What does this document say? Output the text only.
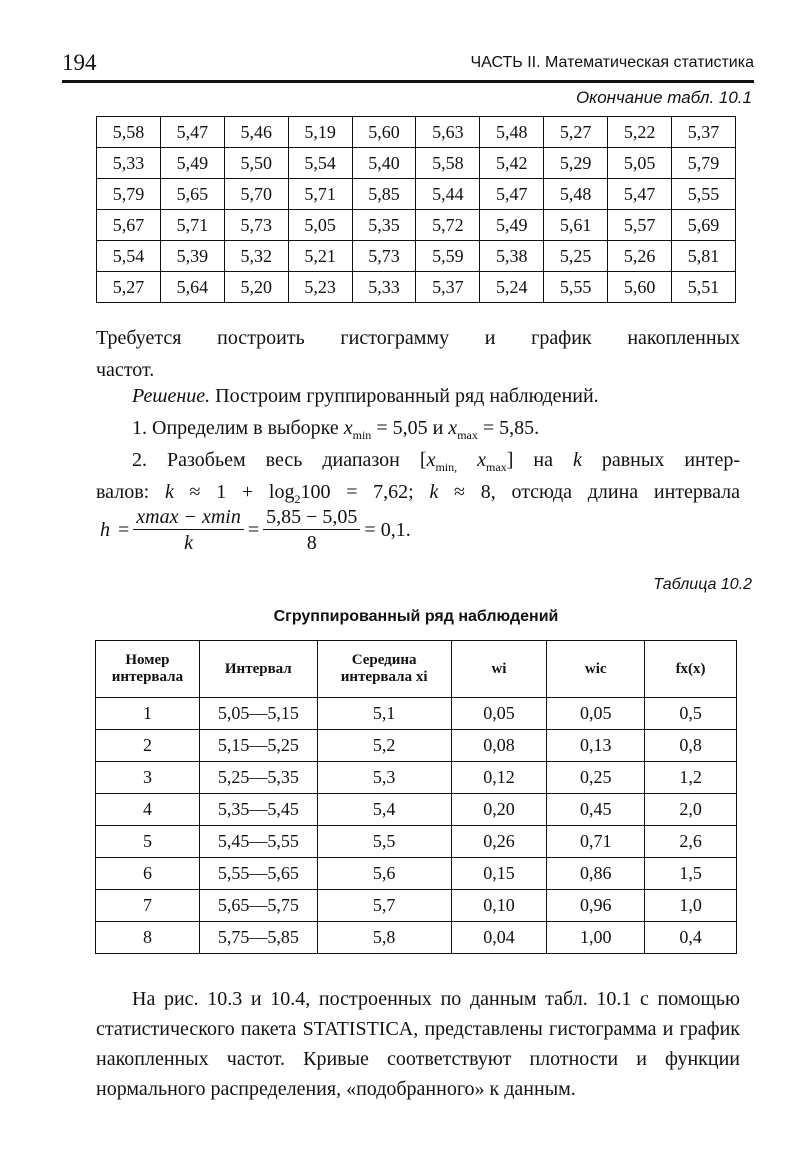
194	ЧАСТЬ II. Математическая статистика
Окончание табл. 10.1
5,58	5,47	5,46	5,19	5,60	5,63	5,48	5,27	5,22	5,37
5,33	5,49	5,50	5,54	5,40	5,58	5,42	5,29	5,05	5,79
5,79	5,65	5,70	5,71	5,85	5,44	5,47	5,48	5,47	5,55
5,67	5,71	5,73	5,05	5,35	5,72	5,49	5,61	5,57	5,69
5,54	5,39	5,32	5,21	5,73	5,59	5,38	5,25	5,26	5,81
5,27	5,64	5,20	5,23	5,33	5,37	5,24	5,55	5,60	5,51
Требуется построить гистограмму и график накопленных
частот.
Решение. Построим группированный ряд наблюдений.
1. Определим в выборке $x_{min} = 5,05$ и $x_{max} = 5,85$.
2. Разобьем весь диапазон [$x_{min,}$ $x_{max}$] на k равных интер-
валов: $k \approx 1 + \log_2100 = 7,62$; k ≈ 8, отсюда длина интервала
$h = \frac{xmax - xmin}{k} = \frac{5,85 - 5,05}{8} = 0,1$.
Таблица 10.2
Сгруппированный ряд наблюдений
Номер интервала	Интервал	Середина интервала xi	wi	wiс	fx(x)
1	5,05—5,15	5,1	0,05	0,05	0,5
2	5,15—5,25	5,2	0,08	0,13	0,8
3	5,25—5,35	5,3	0,12	0,25	1,2
4	5,35—5,45	5,4	0,20	0,45	2,0
5	5,45—5,55	5,5	0,26	0,71	2,6
6	5,55—5,65	5,6	0,15	0,86	1,5
7	5,65—5,75	5,7	0,10	0,96	1,0
8	5,75—5,85	5,8	0,04	1,00	0,4
На рис. 10.3 и 10.4, построенных по данным табл. 10.1 с помощью статистического пакета STATISTICA, представлены гистограмма и график накопленных частот. Кривые соответствуют плотности и функции нормального распределения, «подобранного» к данным.
